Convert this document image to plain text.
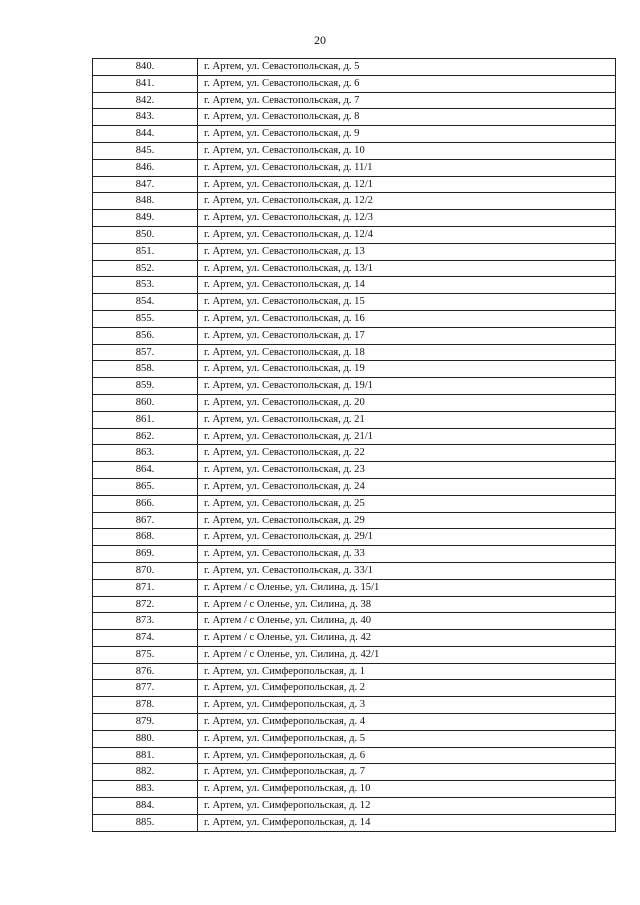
20
840.	г. Артем, ул. Севастопольская, д. 5
841.	г. Артем, ул. Севастопольская, д. 6
842.	г. Артем, ул. Севастопольская, д. 7
843.	г. Артем, ул. Севастопольская, д. 8
844.	г. Артем, ул. Севастопольская, д. 9
845.	г. Артем, ул. Севастопольская, д. 10
846.	г. Артем, ул. Севастопольская, д. 11/1
847.	г. Артем, ул. Севастопольская, д. 12/1
848.	г. Артем, ул. Севастопольская, д. 12/2
849.	г. Артем, ул. Севастопольская, д. 12/3
850.	г. Артем, ул. Севастопольская, д. 12/4
851.	г. Артем, ул. Севастопольская, д. 13
852.	г. Артем, ул. Севастопольская, д. 13/1
853.	г. Артем, ул. Севастопольская, д. 14
854.	г. Артем, ул. Севастопольская, д. 15
855.	г. Артем, ул. Севастопольская, д. 16
856.	г. Артем, ул. Севастопольская, д. 17
857.	г. Артем, ул. Севастопольская, д. 18
858.	г. Артем, ул. Севастопольская, д. 19
859.	г. Артем, ул. Севастопольская, д. 19/1
860.	г. Артем, ул. Севастопольская, д. 20
861.	г. Артем, ул. Севастопольская, д. 21
862.	г. Артем, ул. Севастопольская, д. 21/1
863.	г. Артем, ул. Севастопольская, д. 22
864.	г. Артем, ул. Севастопольская, д. 23
865.	г. Артем, ул. Севастопольская, д. 24
866.	г. Артем, ул. Севастопольская, д. 25
867.	г. Артем, ул. Севастопольская, д. 29
868.	г. Артем, ул. Севастопольская, д. 29/1
869.	г. Артем, ул. Севастопольская, д. 33
870.	г. Артем, ул. Севастопольская, д. 33/1
871.	г. Артем / с Оленье, ул. Силина, д. 15/1
872.	г. Артем / с Оленье, ул. Силина, д. 38
873.	г. Артем / с Оленье, ул. Силина, д. 40
874.	г. Артем / с Оленье, ул. Силина, д. 42
875.	г. Артем / с Оленье, ул. Силина, д. 42/1
876.	г. Артем, ул. Симферопольская, д. 1
877.	г. Артем, ул. Симферопольская, д. 2
878.	г. Артем, ул. Симферопольская, д. 3
879.	г. Артем, ул. Симферопольская, д. 4
880.	г. Артем, ул. Симферопольская, д. 5
881.	г. Артем, ул. Симферопольская, д. 6
882.	г. Артем, ул. Симферопольская, д. 7
883.	г. Артем, ул. Симферопольская, д. 10
884.	г. Артем, ул. Симферопольская, д. 12
885.	г. Артем, ул. Симферопольская, д. 14
